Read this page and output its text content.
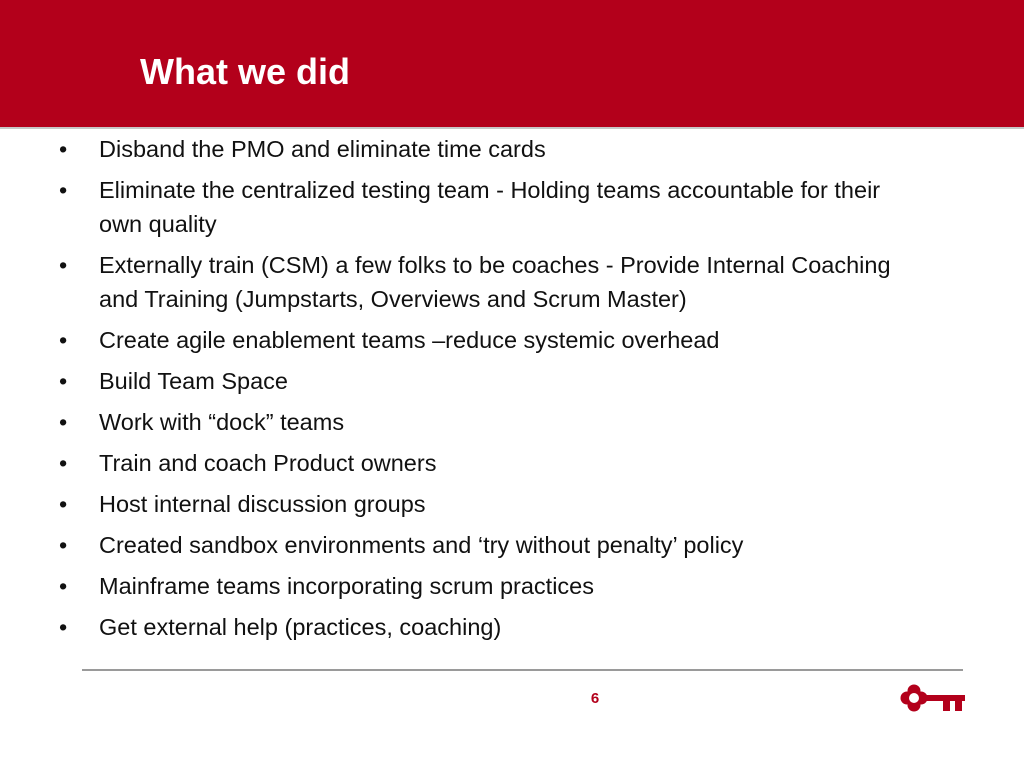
What we did
• Disband the PMO and eliminate time cards
• Eliminate the centralized testing team - Holding teams accountable for their own quality
• Externally train (CSM) a few folks to be coaches - Provide Internal Coaching and Training (Jumpstarts, Overviews and Scrum Master)
• Create agile enablement teams –reduce systemic overhead
• Build Team Space
• Work with “dock” teams
• Train and coach Product owners
• Host internal discussion groups
• Created sandbox environments and ‘try without penalty’ policy
• Mainframe teams incorporating scrum practices
• Get external help (practices, coaching)
6
